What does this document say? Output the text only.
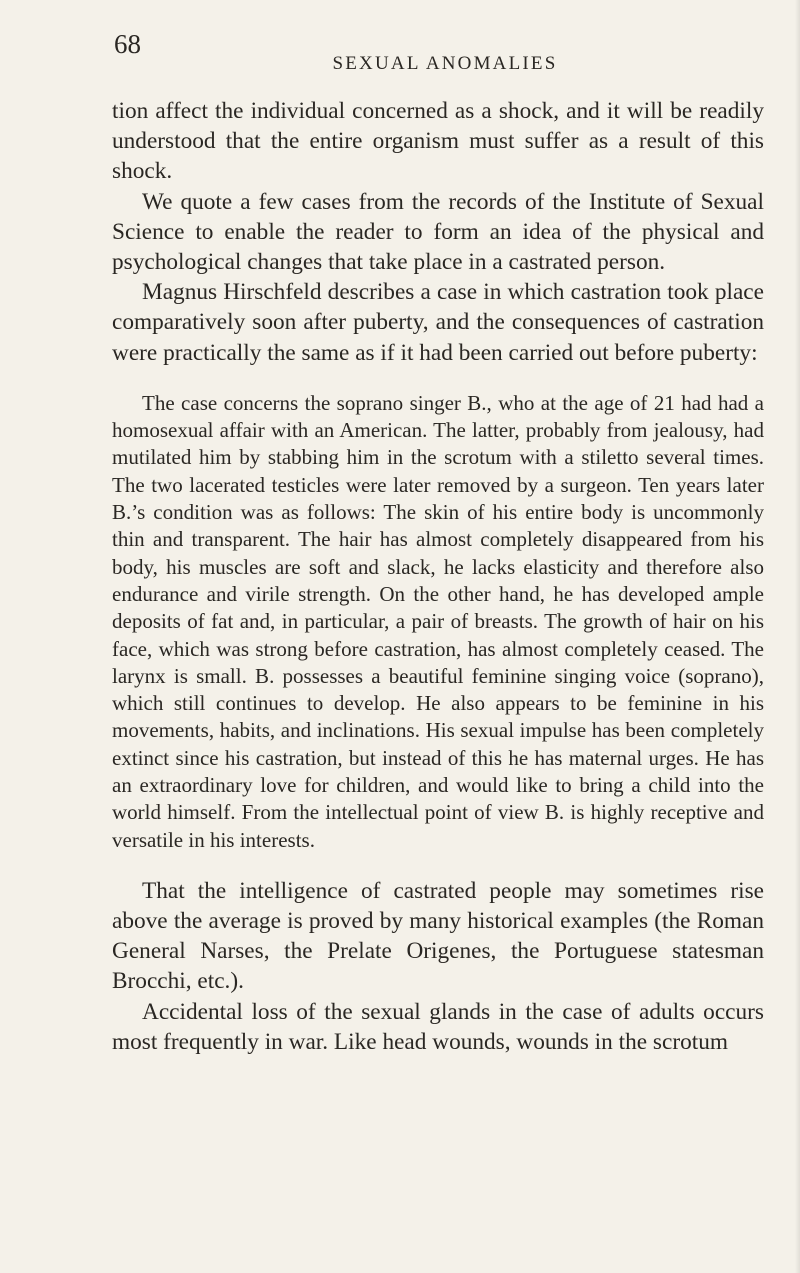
68
SEXUAL ANOMALIES

tion affect the individual concerned as a shock, and it will be readily understood that the entire organism must suffer as a result of this shock.

We quote a few cases from the records of the Institute of Sexual Science to enable the reader to form an idea of the physical and psychological changes that take place in a castrated person.

Magnus Hirschfeld describes a case in which castration took place comparatively soon after puberty, and the consequences of castration were practically the same as if it had been carried out before puberty:

The case concerns the soprano singer B., who at the age of 21 had had a homosexual affair with an American. The latter, probably from jealousy, had mutilated him by stabbing him in the scrotum with a stiletto several times. The two lacerated testicles were later removed by a surgeon. Ten years later B.’s condition was as follows: The skin of his entire body is uncommonly thin and transparent. The hair has almost completely disappeared from his body, his muscles are soft and slack, he lacks elasticity and therefore also endurance and virile strength. On the other hand, he has developed ample deposits of fat and, in particular, a pair of breasts. The growth of hair on his face, which was strong before castration, has almost completely ceased. The larynx is small. B. possesses a beautiful feminine singing voice (soprano), which still continues to develop. He also appears to be feminine in his movements, habits, and inclinations. His sexual impulse has been completely extinct since his castration, but instead of this he has maternal urges. He has an extraordinary love for children, and would like to bring a child into the world himself. From the intellectual point of view B. is highly receptive and versatile in his interests.

That the intelligence of castrated people may sometimes rise above the average is proved by many historical examples (the Roman General Narses, the Prelate Origenes, the Portuguese statesman Brocchi, etc.).

Accidental loss of the sexual glands in the case of adults occurs most frequently in war. Like head wounds, wounds in the scrotum
